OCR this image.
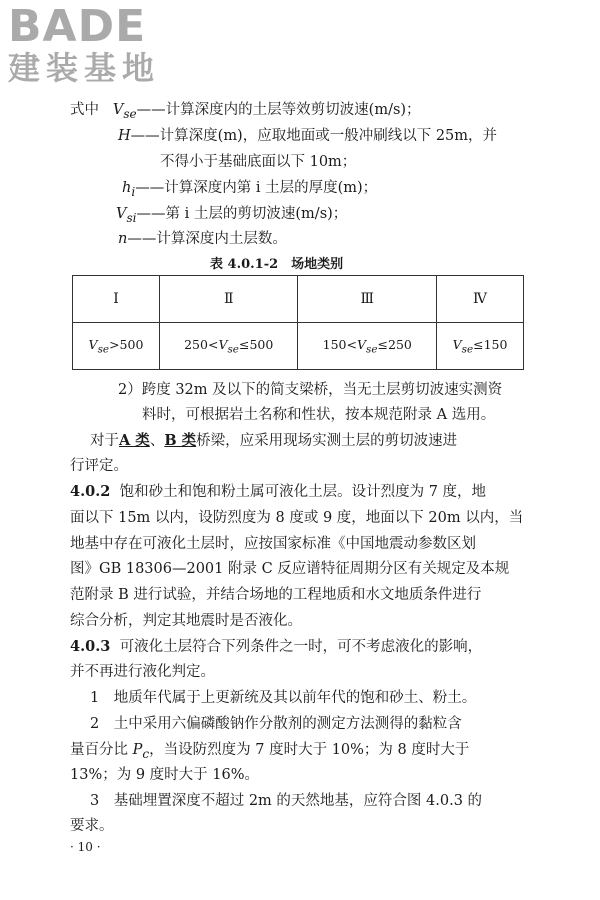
BADE
建装基地
式中 $V_{se}——$计算深度内的土层等效剪切波速(m/s)；
H——计算深度(m)，应取地面或一般冲刷线以下 25m，并
不得小于基础底面以下 10m；
$h_i——$计算深度内第 i 土层的厚度(m)；
$V_{si}——$第 i 土层的剪切波速(m/s)；
n——计算深度内土层数。
表 4.0.1-2　场地类别
Ⅰ	Ⅱ	Ⅲ	Ⅳ
$V_{se}>500$	$250<V_{se}\le 500$	$150<V_{se}\le 250$	$V_{se}\le 150$
2）跨度 32m 及以下的简支梁桥，当无土层剪切波速实测资
料时，可根据岩土名称和性状，按本规范附录 A 选用。
对于A 类、B 类桥梁，应采用现场实测土层的剪切波速进
行评定。
4.0.2 饱和砂土和饱和粉土属可液化土层。设计烈度为 7 度，地
面以下 15m 以内，设防烈度为 8 度或 9 度，地面以下 20m 以内，当
地基中存在可液化土层时，应按国家标准《中国地震动参数区划
图》GB 18306—2001 附录 C 反应谱特征周期分区有关规定及本规
范附录 B 进行试验，并结合场地的工程地质和水文地质条件进行
综合分析，判定其地震时是否液化。
4.0.3 可液化土层符合下列条件之一时，可不考虑液化的影响，
并不再进行液化判定。
1　地质年代属于上更新统及其以前年代的饱和砂土、粉土。
2　土中采用六偏磷酸钠作分散剂的测定方法测得的黏粒含
量百分比 $P_c$，当设防烈度为 7 度时大于 10%；为 8 度时大于
13%；为 9 度时大于 16%。
3　基础埋置深度不超过 2m 的天然地基，应符合图 4.0.3 的
要求。
· 10 ·
